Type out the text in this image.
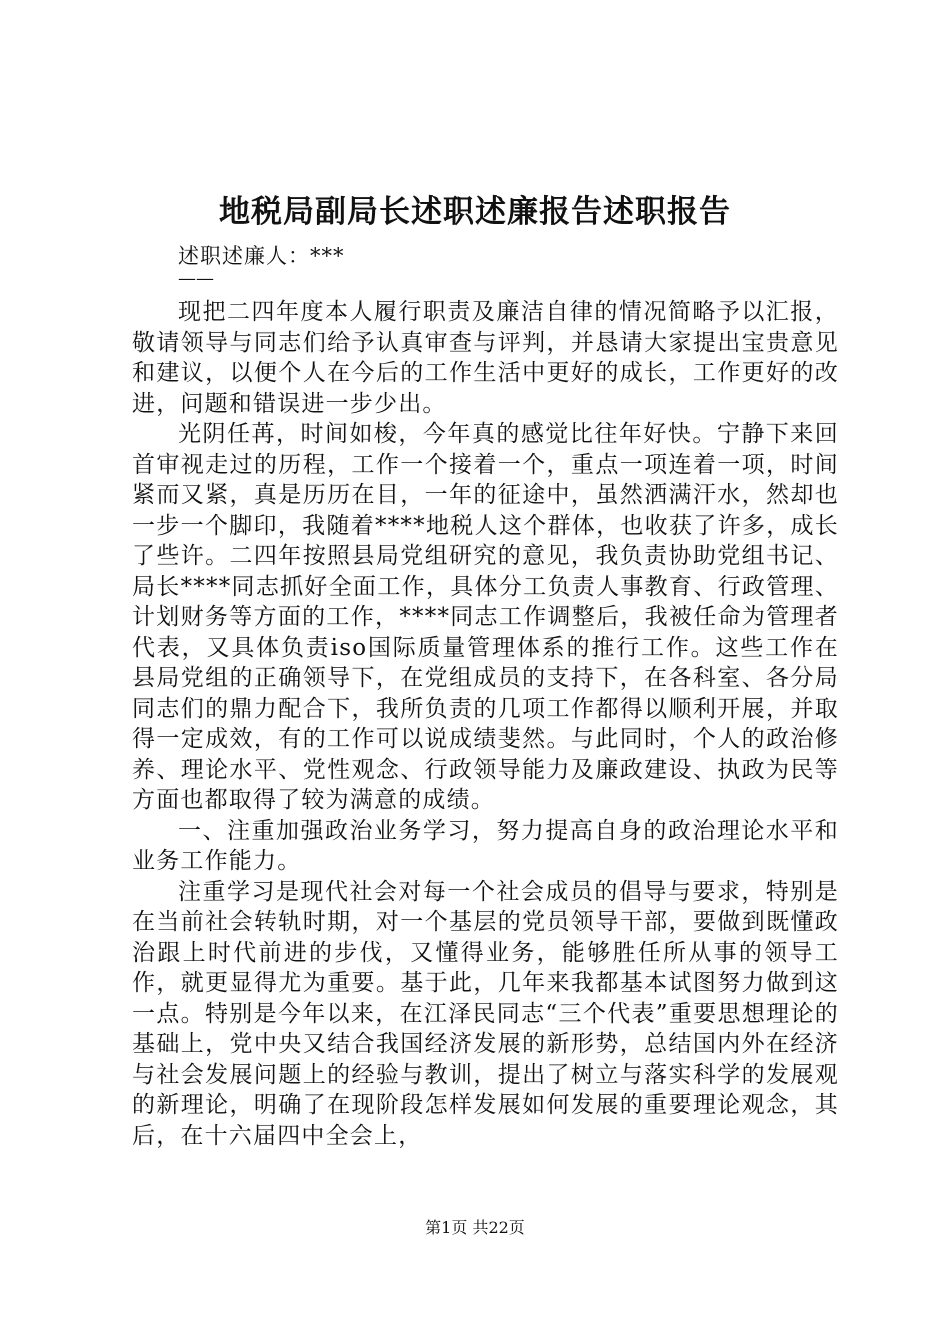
地税局副局长述职述廉报告述职报告

述职述廉人：***

——

现把二四年度本人履行职责及廉洁自律的情况简略予以汇报，敬请领导与同志们给予认真审查与评判，并恳请大家提出宝贵意见和建议，以便个人在今后的工作生活中更好的成长，工作更好的改进，问题和错误进一步少出。

光阴任苒，时间如梭，今年真的感觉比往年好快。宁静下来回首审视走过的历程，工作一个接着一个，重点一项连着一项，时间紧而又紧，真是历历在目，一年的征途中，虽然洒满汗水，然却也一步一个脚印，我随着****地税人这个群体，也收获了许多，成长了些许。二四年按照县局党组研究的意见，我负责协助党组书记、局长****同志抓好全面工作，具体分工负责人事教育、行政管理、计划财务等方面的工作，****同志工作调整后，我被任命为管理者代表，又具体负责iso国际质量管理体系的推行工作。这些工作在县局党组的正确领导下，在党组成员的支持下，在各科室、各分局同志们的鼎力配合下，我所负责的几项工作都得以顺利开展，并取得一定成效，有的工作可以说成绩斐然。与此同时，个人的政治修养、理论水平、党性观念、行政领导能力及廉政建设、执政为民等方面也都取得了较为满意的成绩。

一、注重加强政治业务学习，努力提高自身的政治理论水平和业务工作能力。

注重学习是现代社会对每一个社会成员的倡导与要求，特别是在当前社会转轨时期，对一个基层的党员领导干部，要做到既懂政治跟上时代前进的步伐，又懂得业务，能够胜任所从事的领导工作，就更显得尤为重要。基于此，几年来我都基本试图努力做到这一点。特别是今年以来，在江泽民同志“三个代表”重要思想理论的基础上，党中央又结合我国经济发展的新形势，总结国内外在经济与社会发展问题上的经验与教训，提出了树立与落实科学的发展观的新理论，明确了在现阶段怎样发展如何发展的重要理论观念，其后，在十六届四中全会上，

第1页 共22页
